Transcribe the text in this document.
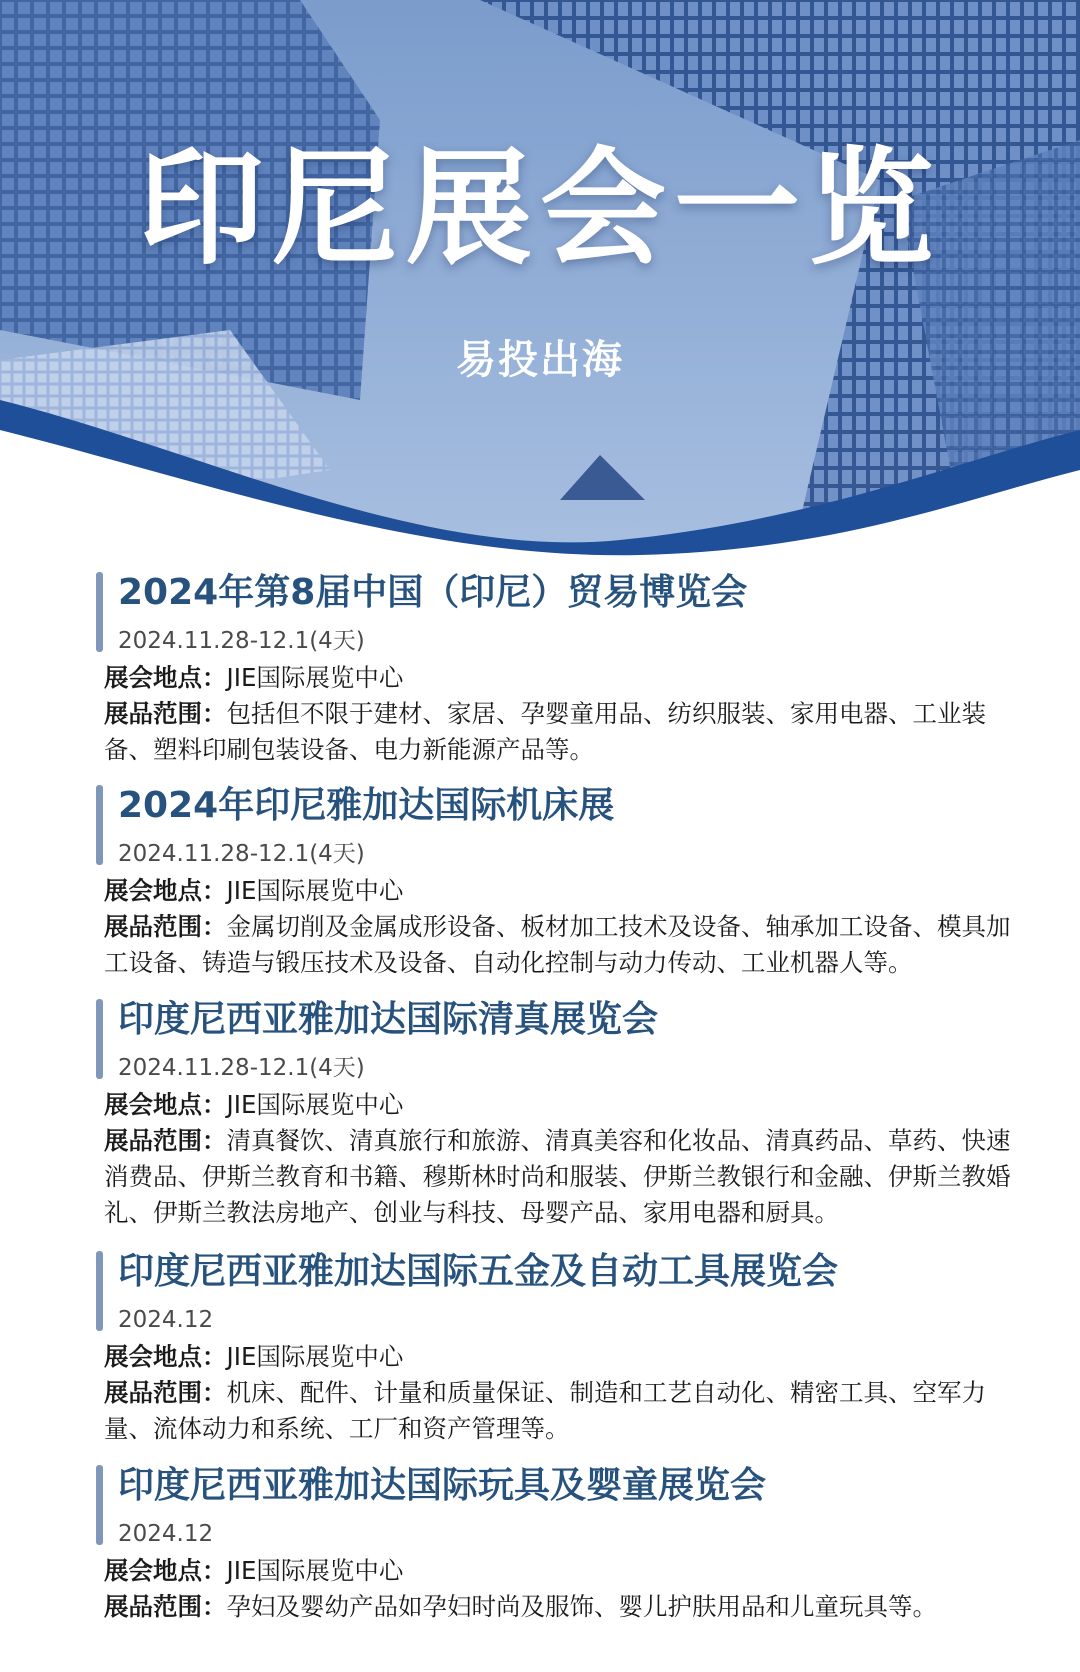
印尼展会一览
易投出海
2024年第8届中国（印尼）贸易博览会
2024.11.28-12.1(4天)
展会地点：JIE国际展览中心
展品范围：包括但不限于建材、家居、孕婴童用品、纺织服装、家用电器、工业装备、塑料印刷包装设备、电力新能源产品等。
2024年印尼雅加达国际机床展
2024.11.28-12.1(4天)
展会地点：JIE国际展览中心
展品范围：金属切削及金属成形设备、板材加工技术及设备、轴承加工设备、模具加工设备、铸造与锻压技术及设备、自动化控制与动力传动、工业机器人等。
印度尼西亚雅加达国际清真展览会
2024.11.28-12.1(4天)
展会地点：JIE国际展览中心
展品范围：清真餐饮、清真旅行和旅游、清真美容和化妆品、清真药品、草药、快速消费品、伊斯兰教育和书籍、穆斯林时尚和服装、伊斯兰教银行和金融、伊斯兰教婚礼、伊斯兰教法房地产、创业与科技、母婴产品、家用电器和厨具。
印度尼西亚雅加达国际五金及自动工具展览会
2024.12
展会地点：JIE国际展览中心
展品范围：机床、配件、计量和质量保证、制造和工艺自动化、精密工具、空军力量、流体动力和系统、工厂和资产管理等。
印度尼西亚雅加达国际玩具及婴童展览会
2024.12
展会地点：JIE国际展览中心
展品范围：孕妇及婴幼产品如孕妇时尚及服饰、婴儿护肤用品和儿童玩具等。
